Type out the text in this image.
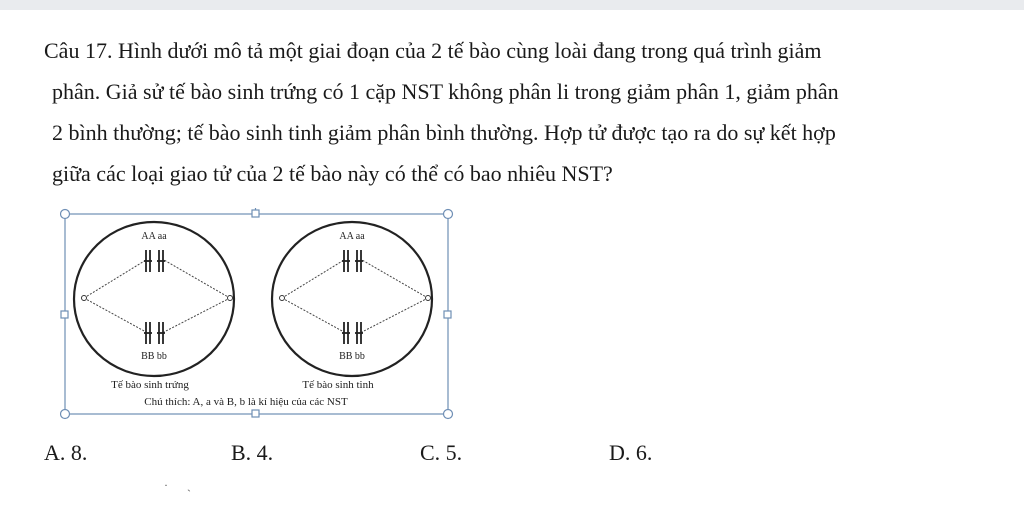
Câu 17. Hình dưới mô tả một giai đoạn của 2 tế bào cùng loài đang trong quá trình giảm
phân. Giả sử tế bào sinh trứng có 1 cặp NST không phân li trong giảm phân 1, giảm phân
2 bình thường; tế bào sinh tinh giảm phân bình thường. Hợp tử được tạo ra do sự kết hợp
giữa các loại giao tử của 2 tế bào này có thể có bao nhiêu NST?
AA aa
BB bb
AA aa
BB bb
Tế bào sinh trứng	Tế bào sinh tinh
Chú thích: A, a và B, b là kí hiệu của các NST
A. 8.	B. 4.	C. 5.	D. 6.
· ˎ
